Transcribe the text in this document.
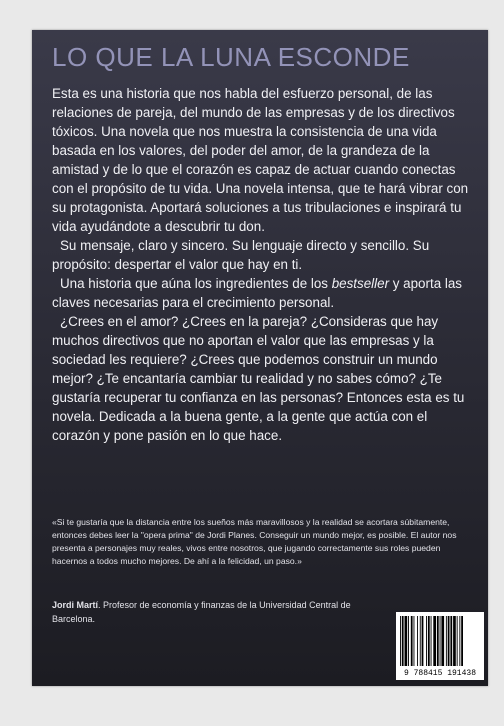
LO QUE LA LUNA ESCONDE

Esta es una historia que nos habla del esfuerzo personal, de las relaciones de pareja, del mundo de las empresas y de los directivos tóxicos. Una novela que nos muestra la consistencia de una vida basada en los valores, del poder del amor, de la grandeza de la amistad y de lo que el corazón es capaz de actuar cuando conectas con el propósito de tu vida. Una novela intensa, que te hará vibrar con su protagonista. Aportará soluciones a tus tribulaciones e inspirará tu vida ayudándote a descubrir tu don.

Su mensaje, claro y sincero. Su lenguaje directo y sencillo. Su propósito: despertar el valor que hay en ti.

Una historia que aúna los ingredientes de los bestseller y aporta las claves necesarias para el crecimiento personal.

¿Crees en el amor? ¿Crees en la pareja? ¿Consideras que hay muchos directivos que no aportan el valor que las empresas y la sociedad les requiere? ¿Crees que podemos construir un mundo mejor? ¿Te encantaría cambiar tu realidad y no sabes cómo? ¿Te gustaría recuperar tu confianza en las personas? Entonces esta es tu novela. Dedicada a la buena gente, a la gente que actúa con el corazón y pone pasión en lo que hace.

«Si te gustaría que la distancia entre los sueños más maravillosos y la realidad se acortara súbitamente, entonces debes leer la "opera prima" de Jordi Planes. Conseguir un mundo mejor, es posible. El autor nos presenta a personajes muy reales, vivos entre nosotros, que jugando correctamente sus roles pueden hacernos a todos mucho mejores. De ahí a la felicidad, un paso.»
Jordi Martí. Profesor de economía y finanzas de la Universidad Central de Barcelona.
9 788415 191438
